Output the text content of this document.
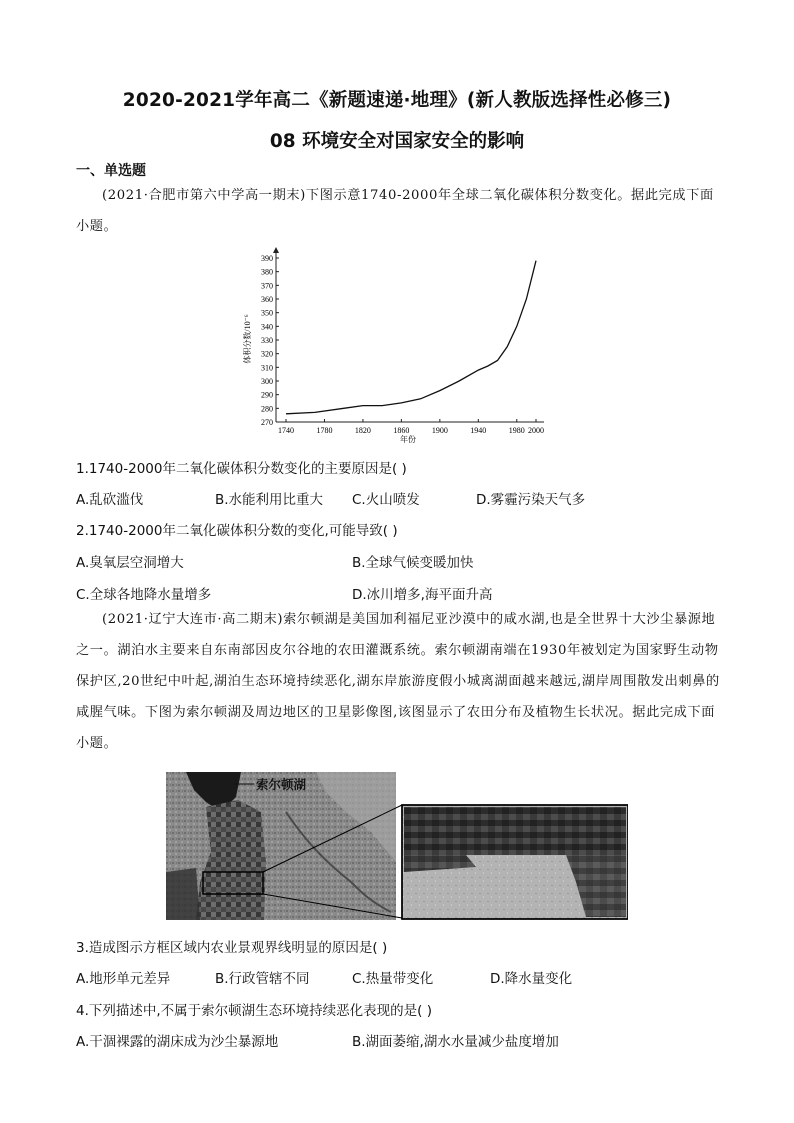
2020-2021学年高二《新题速递·地理》(新人教版选择性必修三)
08 环境安全对国家安全的影响
一、单选题
(2021·合肥市第六中学高一期末)下图示意1740-2000年全球二氧化碳体积分数变化。据此完成下面小题。
270
280
290
300
310
320
330
340
350
360
370
380
390
1740	1780	1820	1860	1900	1940	1980 2000
体积分数/10⁻⁶
年份
1.1740-2000年二氧化碳体积分数变化的主要原因是( )
A.乱砍滥伐	B.水能利用比重大 C.火山喷发	D.雾霾污染天气多
2.1740-2000年二氧化碳体积分数的变化,可能导致( )
A.臭氧层空洞增大	B.全球气候变暖加快
C.全球各地降水量增多	D.冰川增多,海平面升高
(2021·辽宁大连市·高二期末)索尔顿湖是美国加利福尼亚沙漠中的咸水湖,也是全世界十大沙尘暴源地之一。湖泊水主要来自东南部因皮尔谷地的农田灌溉系统。索尔顿湖南端在1930年被划定为国家野生动物保护区,20世纪中叶起,湖泊生态环境持续恶化,湖东岸旅游度假小城离湖面越来越远,湖岸周围散发出刺鼻的咸腥气味。下图为索尔顿湖及周边地区的卫星影像图,该图显示了农田分布及植物生长状况。据此完成下面小题。
索尔顿湖
3.造成图示方框区域内农业景观界线明显的原因是( )
A.地形单元差异	B.行政管辖不同	C.热量带变化	D.降水量变化
4.下列描述中,不属于索尔顿湖生态环境持续恶化表现的是( )
A.干涸裸露的湖床成为沙尘暴源地	B.湖面萎缩,湖水水量减少盐度增加
